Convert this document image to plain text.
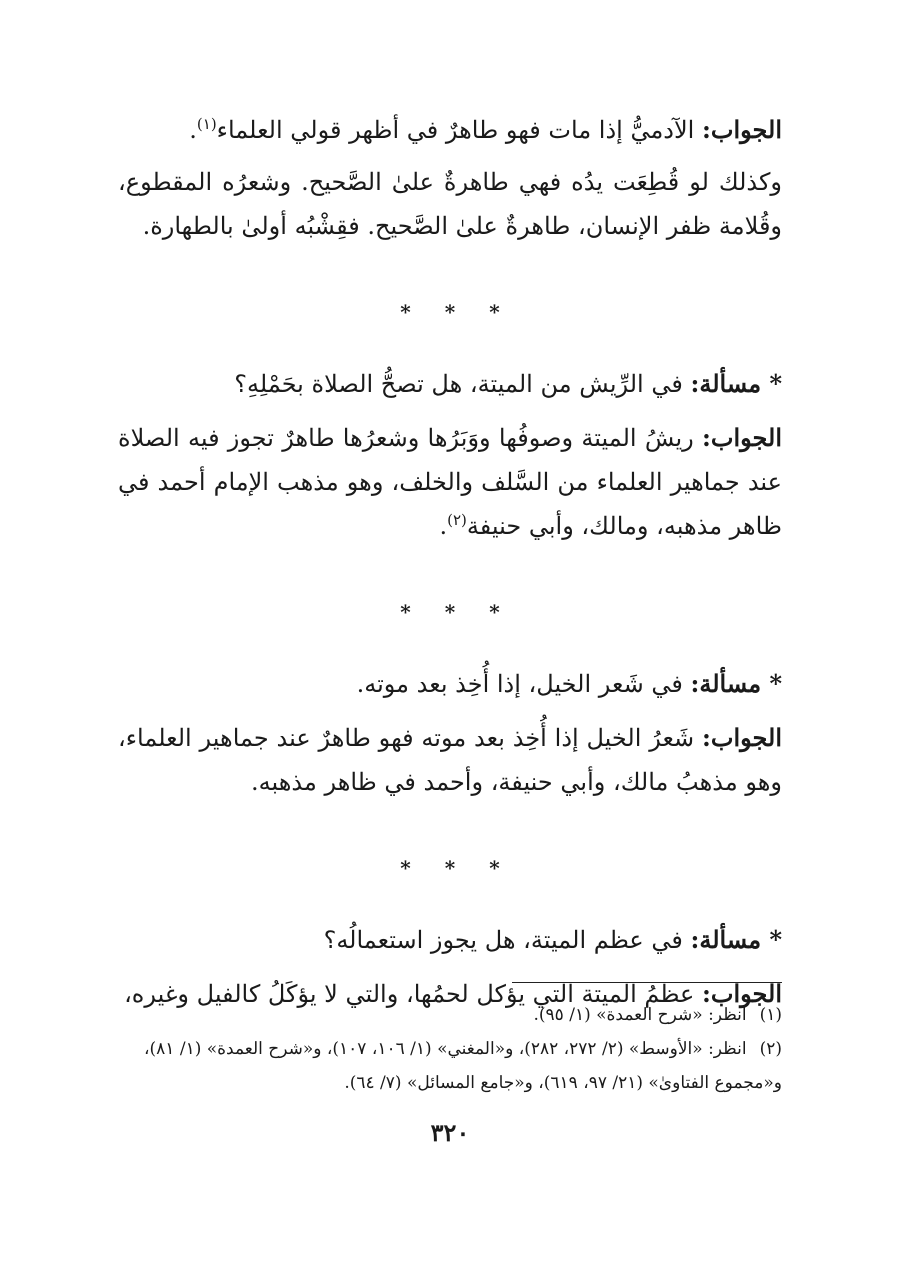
الجواب: الآدميُّ إذا مات فهو طاهرٌ في أظهر قولي العلماء$^{(١)}$.

وكذلك لو قُطِعَت يدُه فهي طاهرةٌ علىٰ الصَّحيح. وشعرُه المقطوع، وقُلامة ظفر الإنسان، طاهرةٌ علىٰ الصَّحيح. فقِشْبُه أولىٰ بالطهارة.

* * *

* مسألة: في الرِّيش من الميتة، هل تصحُّ الصلاة بحَمْلِهِ؟

الجواب: ريشُ الميتة وصوفُها ووَبَرُها وشعرُها طاهرٌ تجوز فيه الصلاة عند جماهير العلماء من السَّلف والخلف، وهو مذهب الإمام أحمد في ظاهر مذهبه، ومالك، وأبي حنيفة$^{(٢)}$.

* * *

* مسألة: في شَعر الخيل، إذا أُخِذ بعد موته.

الجواب: شَعرُ الخيل إذا أُخِذ بعد موته فهو طاهرٌ عند جماهير العلماء، وهو مذهبُ مالك، وأبي حنيفة، وأحمد في ظاهر مذهبه.

* * *

* مسألة: في عظم الميتة، هل يجوز استعمالُه؟

الجواب: عظمُ الميتة التي يؤكل لحمُها، والتي لا يؤكَلُ كالفيل وغيره،

(١) انظر: «شرح العمدة» (١/ ٩٥).

(٢) انظر: «الأوسط» (٢/ ٢٧٢، ٢٨٢)، و«المغني» (١/ ١٠٦، ١٠٧)، و«شرح العمدة» (١/ ٨١)، و«مجموع الفتاوىٰ» (٢١/ ٩٧، ٦١٩)، و«جامع المسائل» (٧/ ٦٤).

٣٢٠
